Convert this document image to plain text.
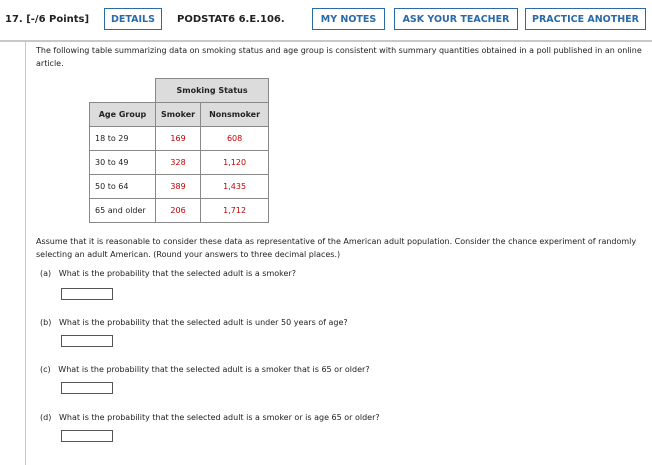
17. [-/6 Points]	DETAILS	PODSTAT6 6.E.106.	MY NOTES	ASK YOUR TEACHER	PRACTICE ANOTHER
The following table summarizing data on smoking status and age group is consistent with summary quantities obtained in a poll published in an online article.
	Smoking Status	
Age Group	Smoker	Nonsmoker
18 to 29	169	608
30 to 49	328	1,120
50 to 64	389	1,435
65 and older	206	1,712
Assume that it is reasonable to consider these data as representative of the American adult population. Consider the chance experiment of randomly selecting an adult American. (Round your answers to three decimal places.)
(a) What is the probability that the selected adult is a smoker?
(b) What is the probability that the selected adult is under 50 years of age?
(c) What is the probability that the selected adult is a smoker that is 65 or older?
(d) What is the probability that the selected adult is a smoker or is age 65 or older?
